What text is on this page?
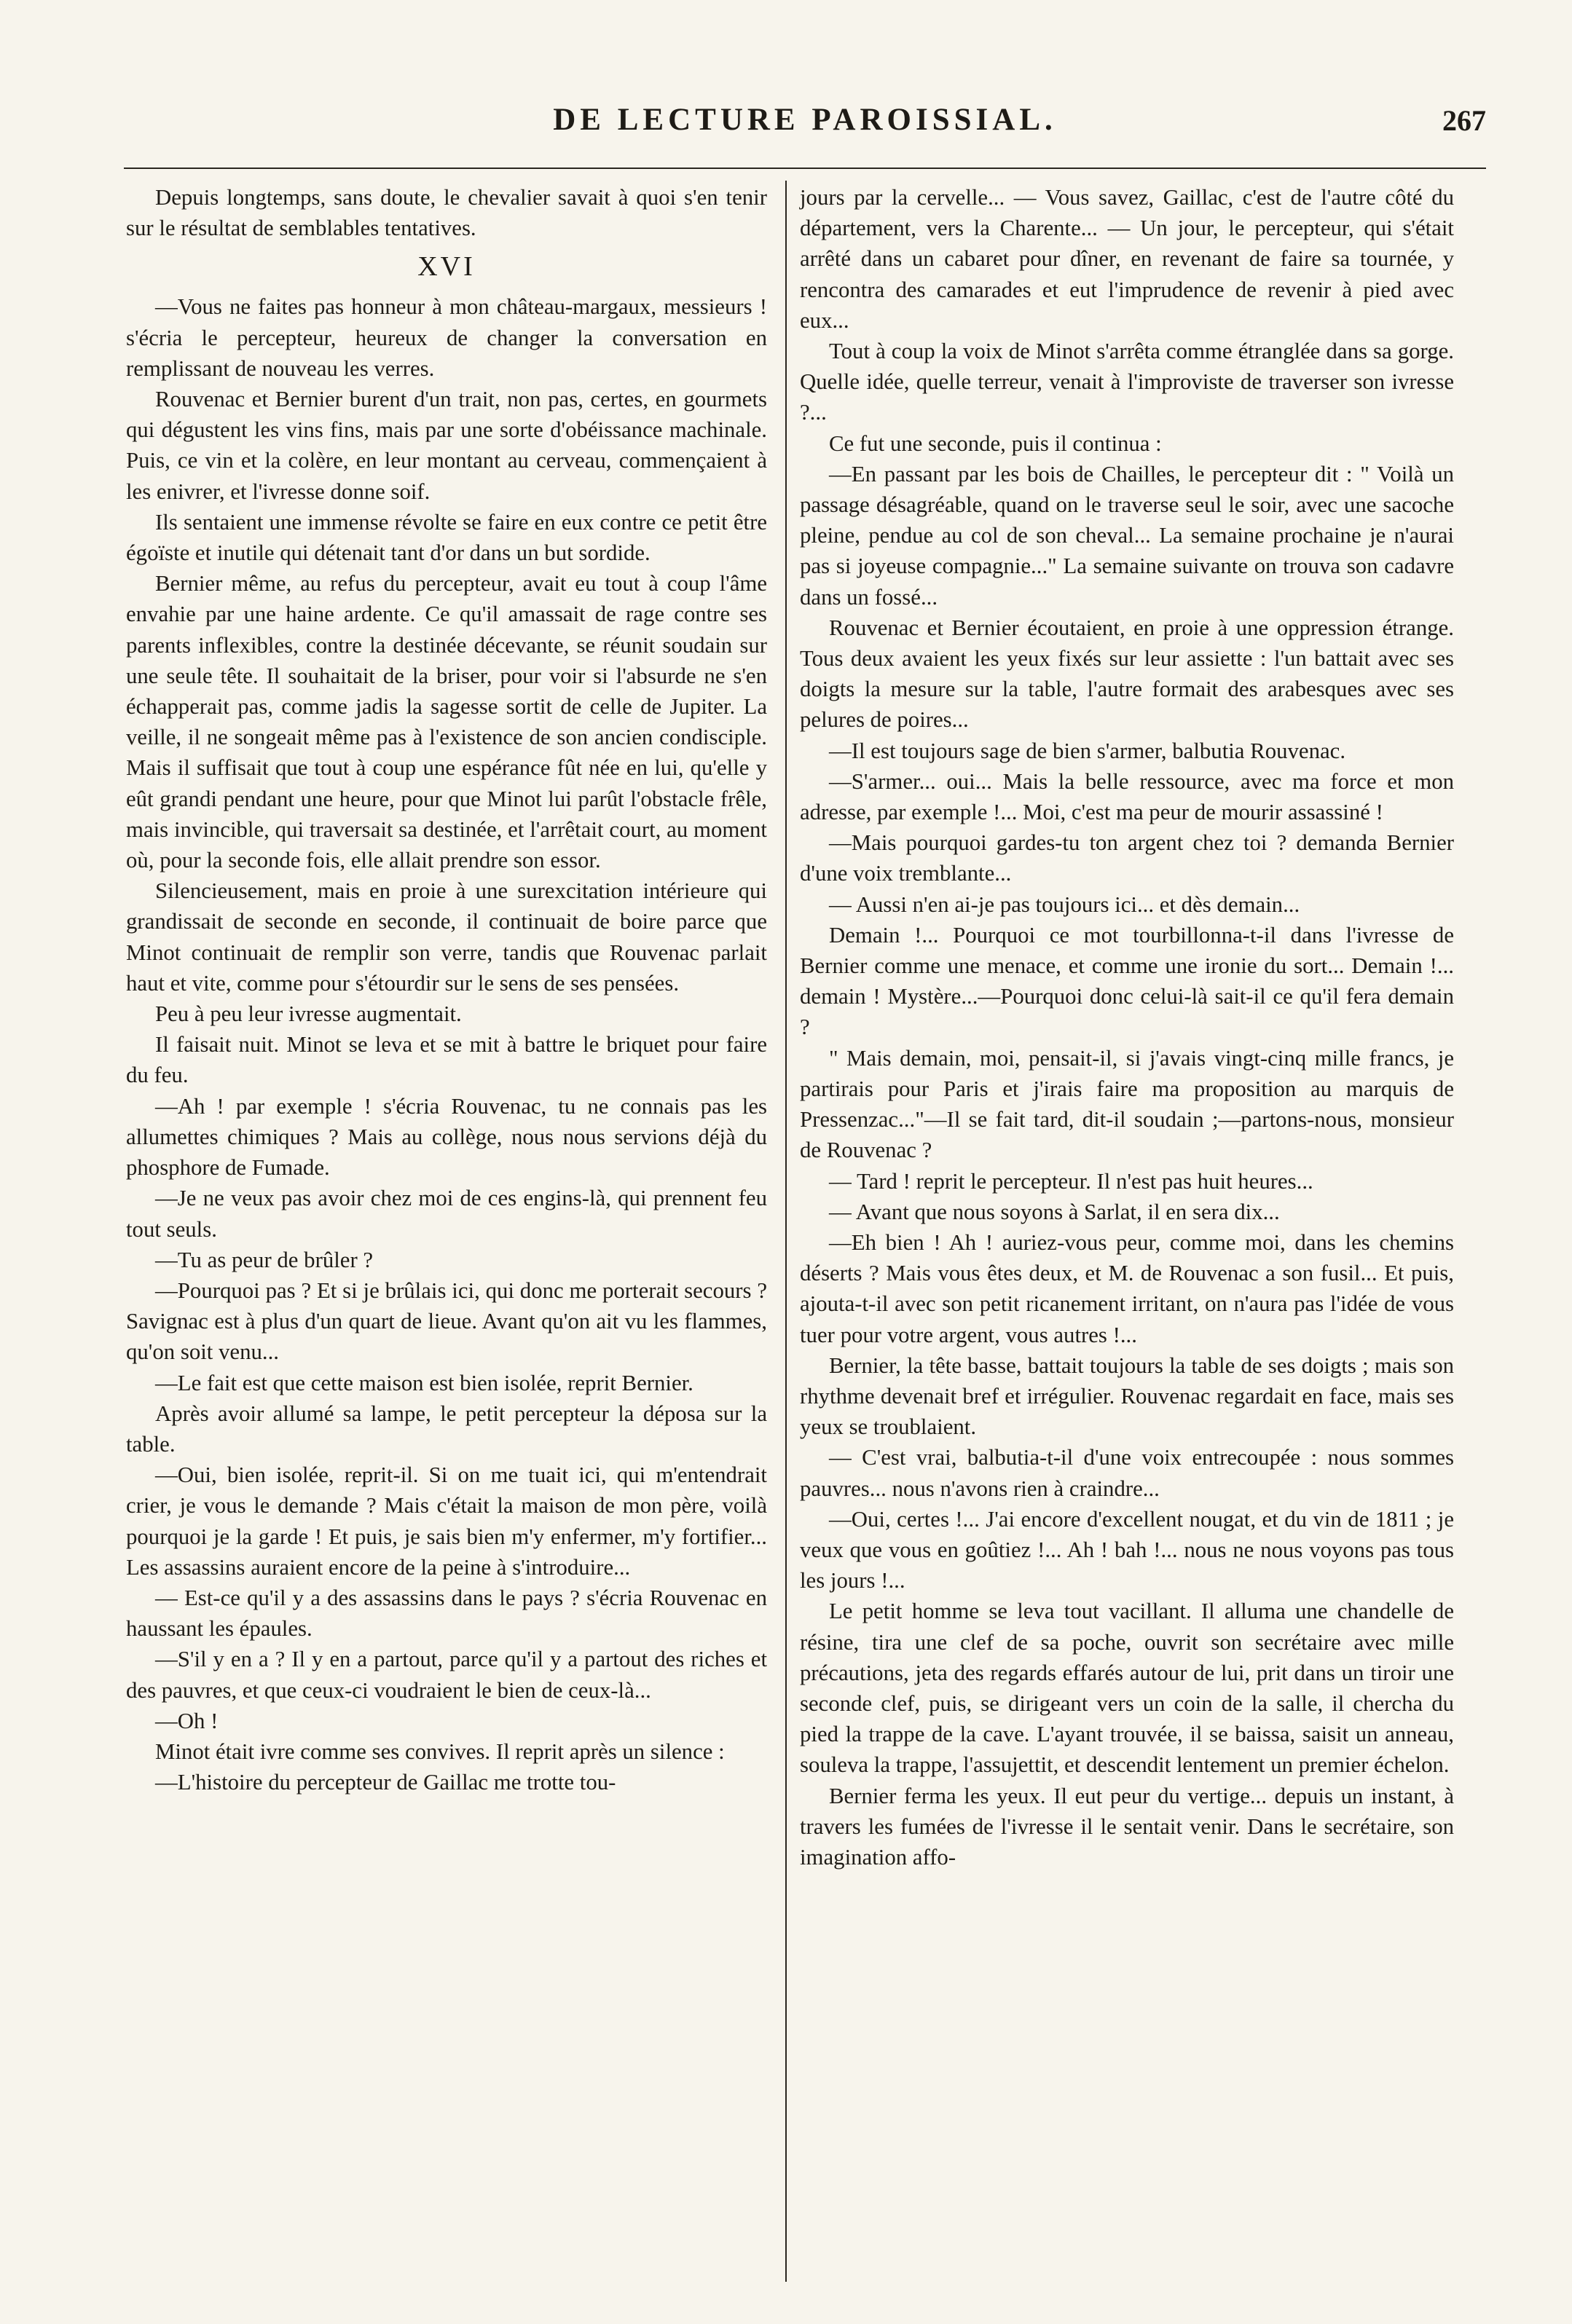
DE LECTURE PAROISSIAL.	267

Depuis longtemps, sans doute, le chevalier savait à quoi s'en tenir sur le résultat de semblables tentatives.

XVI

—Vous ne faites pas honneur à mon château-margaux, messieurs ! s'écria le percepteur, heureux de changer la conversation en remplissant de nouveau les verres.

Rouvenac et Bernier burent d'un trait, non pas, certes, en gourmets qui dégustent les vins fins, mais par une sorte d'obéissance machinale. Puis, ce vin et la colère, en leur montant au cerveau, commençaient à les enivrer, et l'ivresse donne soif.

Ils sentaient une immense révolte se faire en eux contre ce petit être égoïste et inutile qui détenait tant d'or dans un but sordide.

Bernier même, au refus du percepteur, avait eu tout à coup l'âme envahie par une haine ardente. Ce qu'il amassait de rage contre ses parents inflexibles, contre la destinée décevante, se réunit soudain sur une seule tête. Il souhaitait de la briser, pour voir si l'absurde ne s'en échapperait pas, comme jadis la sagesse sortit de celle de Jupiter. La veille, il ne songeait même pas à l'existence de son ancien condisciple. Mais il suffisait que tout à coup une espérance fût née en lui, qu'elle y eût grandi pendant une heure, pour que Minot lui parût l'obstacle frêle, mais invincible, qui traversait sa destinée, et l'arrêtait court, au moment où, pour la seconde fois, elle allait prendre son essor.

Silencieusement, mais en proie à une surexcitation intérieure qui grandissait de seconde en seconde, il continuait de boire parce que Minot continuait de remplir son verre, tandis que Rouvenac parlait haut et vite, comme pour s'étourdir sur le sens de ses pensées.

Peu à peu leur ivresse augmentait.

Il faisait nuit. Minot se leva et se mit à battre le briquet pour faire du feu.

—Ah ! par exemple ! s'écria Rouvenac, tu ne connais pas les allumettes chimiques ? Mais au collège, nous nous servions déjà du phosphore de Fumade.

—Je ne veux pas avoir chez moi de ces engins-là, qui prennent feu tout seuls.

—Tu as peur de brûler ?

—Pourquoi pas ? Et si je brûlais ici, qui donc me porterait secours ? Savignac est à plus d'un quart de lieue. Avant qu'on ait vu les flammes, qu'on soit venu...

—Le fait est que cette maison est bien isolée, reprit Bernier.

Après avoir allumé sa lampe, le petit percepteur la déposa sur la table.

—Oui, bien isolée, reprit-il. Si on me tuait ici, qui m'entendrait crier, je vous le demande ? Mais c'était la maison de mon père, voilà pourquoi je la garde ! Et puis, je sais bien m'y enfermer, m'y fortifier... Les assassins auraient encore de la peine à s'introduire...

— Est-ce qu'il y a des assassins dans le pays ? s'écria Rouvenac en haussant les épaules.

—S'il y en a ? Il y en a partout, parce qu'il y a partout des riches et des pauvres, et que ceux-ci voudraient le bien de ceux-là...

—Oh !

Minot était ivre comme ses convives. Il reprit après un silence :

—L'histoire du percepteur de Gaillac me trotte tou-

jours par la cervelle... — Vous savez, Gaillac, c'est de l'autre côté du département, vers la Charente... — Un jour, le percepteur, qui s'était arrêté dans un cabaret pour dîner, en revenant de faire sa tournée, y rencontra des camarades et eut l'imprudence de revenir à pied avec eux...

Tout à coup la voix de Minot s'arrêta comme étranglée dans sa gorge. Quelle idée, quelle terreur, venait à l'improviste de traverser son ivresse ?...

Ce fut une seconde, puis il continua :

—En passant par les bois de Chailles, le percepteur dit : " Voilà un passage désagréable, quand on le traverse seul le soir, avec une sacoche pleine, pendue au col de son cheval... La semaine prochaine je n'aurai pas si joyeuse compagnie..." La semaine suivante on trouva son cadavre dans un fossé...

Rouvenac et Bernier écoutaient, en proie à une oppression étrange. Tous deux avaient les yeux fixés sur leur assiette : l'un battait avec ses doigts la mesure sur la table, l'autre formait des arabesques avec ses pelures de poires...

—Il est toujours sage de bien s'armer, balbutia Rouvenac.

—S'armer... oui... Mais la belle ressource, avec ma force et mon adresse, par exemple !... Moi, c'est ma peur de mourir assassiné !

—Mais pourquoi gardes-tu ton argent chez toi ? demanda Bernier d'une voix tremblante...

— Aussi n'en ai-je pas toujours ici... et dès demain...

Demain !... Pourquoi ce mot tourbillonna-t-il dans l'ivresse de Bernier comme une menace, et comme une ironie du sort... Demain !... demain ! Mystère...—Pourquoi donc celui-là sait-il ce qu'il fera demain ?

" Mais demain, moi, pensait-il, si j'avais vingt-cinq mille francs, je partirais pour Paris et j'irais faire ma proposition au marquis de Pressenzac..."—Il se fait tard, dit-il soudain ;—partons-nous, monsieur de Rouvenac ?

— Tard ! reprit le percepteur. Il n'est pas huit heures...

— Avant que nous soyons à Sarlat, il en sera dix...

—Eh bien ! Ah ! auriez-vous peur, comme moi, dans les chemins déserts ? Mais vous êtes deux, et M. de Rouvenac a son fusil... Et puis, ajouta-t-il avec son petit ricanement irritant, on n'aura pas l'idée de vous tuer pour votre argent, vous autres !...

Bernier, la tête basse, battait toujours la table de ses doigts ; mais son rhythme devenait bref et irrégulier. Rouvenac regardait en face, mais ses yeux se troublaient.

— C'est vrai, balbutia-t-il d'une voix entrecoupée : nous sommes pauvres... nous n'avons rien à craindre...

—Oui, certes !... J'ai encore d'excellent nougat, et du vin de 1811 ; je veux que vous en goûtiez !... Ah ! bah !... nous ne nous voyons pas tous les jours !...

Le petit homme se leva tout vacillant. Il alluma une chandelle de résine, tira une clef de sa poche, ouvrit son secrétaire avec mille précautions, jeta des regards effarés autour de lui, prit dans un tiroir une seconde clef, puis, se dirigeant vers un coin de la salle, il chercha du pied la trappe de la cave. L'ayant trouvée, il se baissa, saisit un anneau, souleva la trappe, l'assujettit, et descendit lentement un premier échelon.

Bernier ferma les yeux. Il eut peur du vertige... depuis un instant, à travers les fumées de l'ivresse il le sentait venir. Dans le secrétaire, son imagination affo-
